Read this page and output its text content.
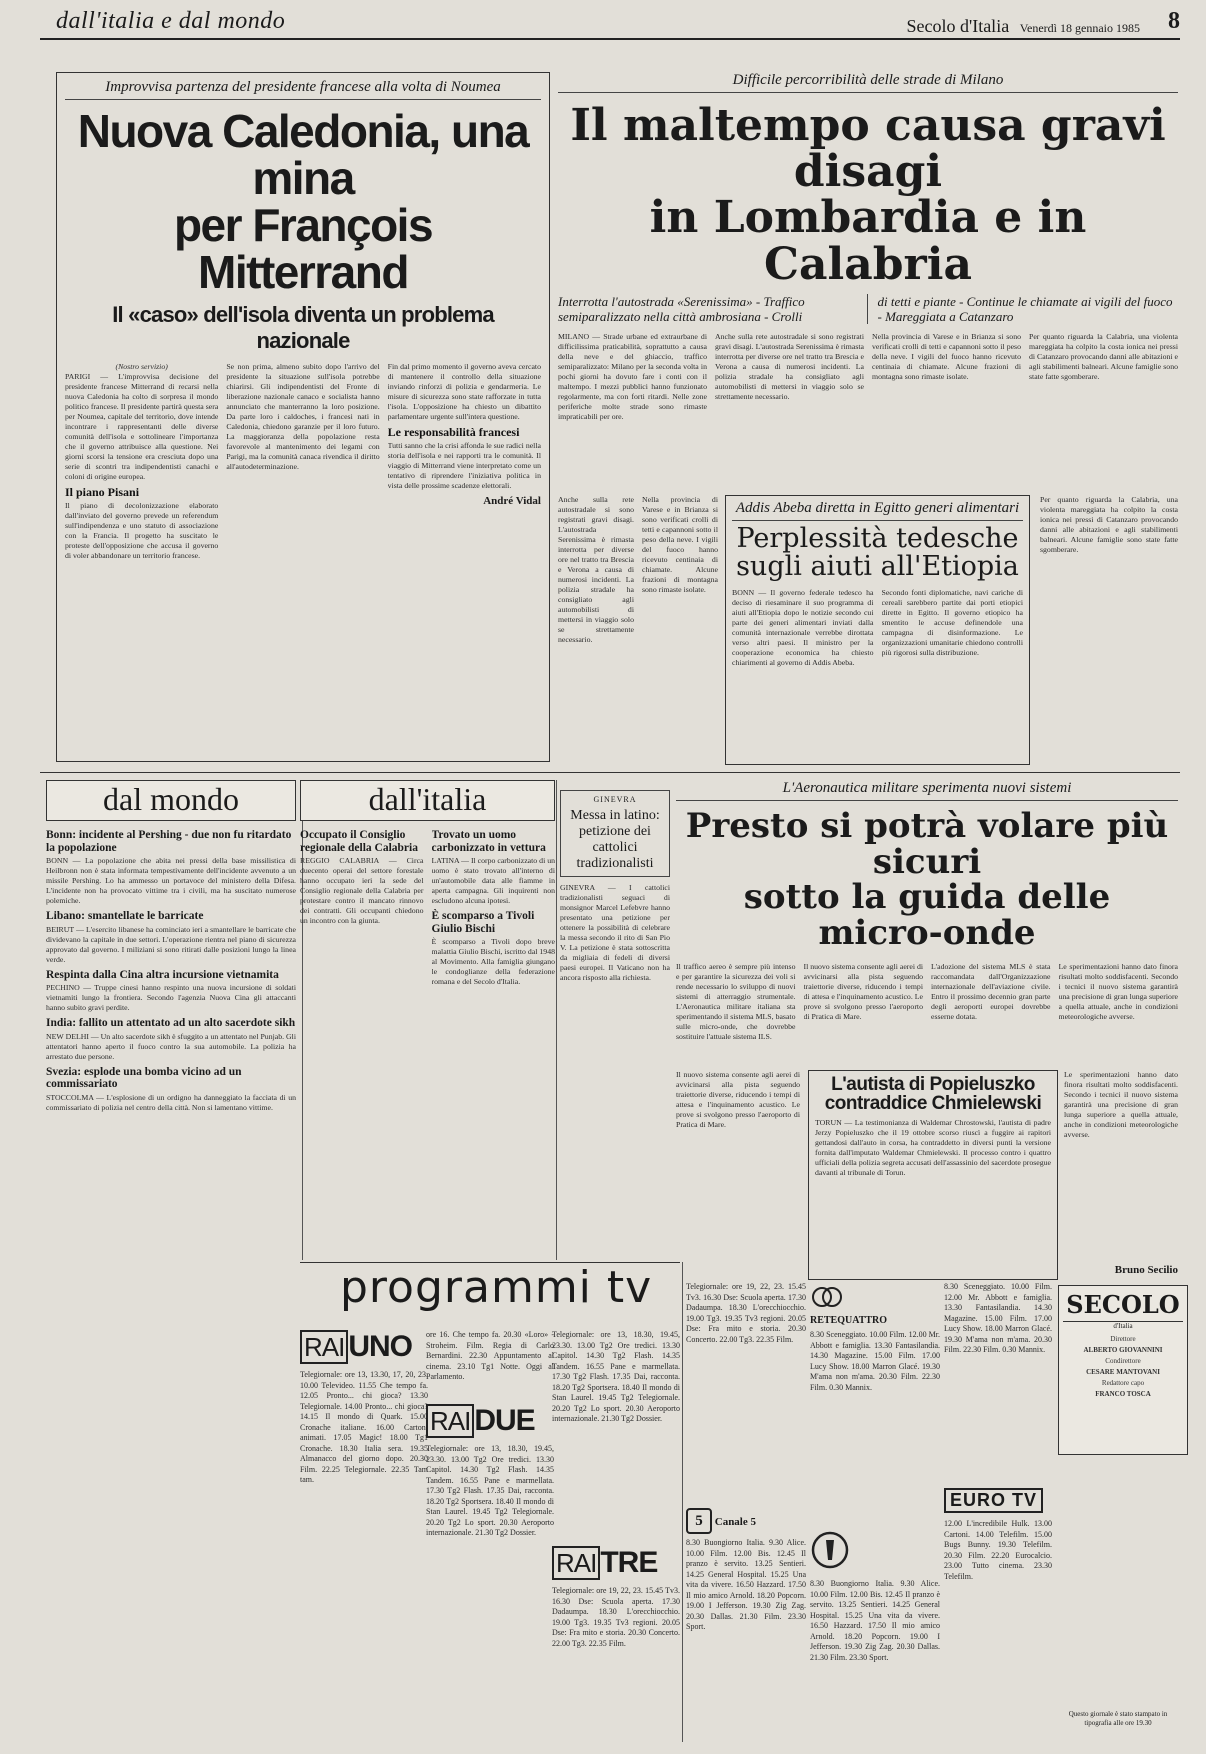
dall'italia e dal mondo	Secolo d'Italia Venerdì 18 gennaio 1985 8
Improvvisa partenza del presidente francese alla volta di Noumea
Nuova Caledonia, una mina
per François Mitterrand
Il «caso» dell'isola diventa un problema nazionale

(Nostro servizio)

PARIGI — L'improvvisa decisione del presidente francese Mitterrand di recarsi nella nuova Caledonia ha colto di sorpresa il mondo politico francese. Il presidente partirà questa sera per Noumea, capitale del territorio, dove intende incontrare i rappresentanti delle diverse comunità dell'isola e sottolineare l'importanza che il governo attribuisce alla questione. Nei giorni scorsi la tensione era cresciuta dopo una serie di scontri tra indipendentisti canachi e coloni di origine europea.

Il piano Pisani

Il piano di decolonizzazione elaborato dall'inviato del governo prevede un referendum sull'indipendenza e uno statuto di associazione con la Francia. Il progetto ha suscitato le proteste dell'opposizione che accusa il governo di voler abbandonare un territorio francese.

Se non prima, almeno subito dopo l'arrivo del presidente la situazione sull'isola potrebbe chiarirsi. Gli indipendentisti del Fronte di liberazione nazionale canaco e socialista hanno annunciato che manterranno la loro posizione. Da parte loro i caldoches, i francesi nati in Caledonia, chiedono garanzie per il loro futuro. La maggioranza della popolazione resta favorevole al mantenimento dei legami con Parigi, ma la comunità canaca rivendica il diritto all'autodeterminazione.

Fin dal primo momento il governo aveva cercato di mantenere il controllo della situazione inviando rinforzi di polizia e gendarmeria. Le misure di sicurezza sono state rafforzate in tutta l'isola. L'opposizione ha chiesto un dibattito parlamentare urgente sull'intera questione.

Le responsabilità francesi

Tutti sanno che la crisi affonda le sue radici nella storia dell'isola e nei rapporti tra le comunità. Il viaggio di Mitterrand viene interpretato come un tentativo di riprendere l'iniziativa politica in vista delle prossime scadenze elettorali.

André Vidal
Difficile percorribilità delle strade di Milano
Il maltempo causa gravi disagi
in Lombardia e in Calabria
Interrotta l'autostrada «Serenissima» - Traffico semiparalizzato nella città ambrosiana - Crolli
di tetti e piante - Continue le chiamate ai vigili del fuoco - Mareggiata a Catanzaro

MILANO — Strade urbane ed extraurbane di difficilissima praticabilità, soprattutto a causa della neve e del ghiaccio, traffico semiparalizzato: Milano per la seconda volta in pochi giorni ha dovuto fare i conti con il maltempo. I mezzi pubblici hanno funzionato regolarmente, ma con forti ritardi. Nelle zone periferiche molte strade sono rimaste impraticabili per ore.

Anche sulla rete autostradale si sono registrati gravi disagi. L'autostrada Serenissima è rimasta interrotta per diverse ore nel tratto tra Brescia e Verona a causa di numerosi incidenti. La polizia stradale ha consigliato agli automobilisti di mettersi in viaggio solo se strettamente necessario.

Nella provincia di Varese e in Brianza si sono verificati crolli di tetti e capannoni sotto il peso della neve. I vigili del fuoco hanno ricevuto centinaia di chiamate. Alcune frazioni di montagna sono rimaste isolate.

Per quanto riguarda la Calabria, una violenta mareggiata ha colpito la costa ionica nei pressi di Catanzaro provocando danni alle abitazioni e agli stabilimenti balneari. Alcune famiglie sono state fatte sgomberare.

Per quanto riguarda la Calabria, una violenta mareggiata ha colpito la costa ionica nei pressi di Catanzaro provocando danni alle abitazioni e agli stabilimenti balneari. Alcune famiglie sono state fatte sgomberare.

Addis Abeba diretta in Egitto generi alimentari
Perplessità tedesche
sugli aiuti all'Etiopia

BONN — Il governo federale tedesco ha deciso di riesaminare il suo programma di aiuti all'Etiopia dopo le notizie secondo cui parte dei generi alimentari inviati dalla comunità internazionale verrebbe dirottata verso altri paesi. Il ministro per la cooperazione economica ha chiesto chiarimenti al governo di Addis Abeba.

Secondo fonti diplomatiche, navi cariche di cereali sarebbero partite dai porti etiopici dirette in Egitto. Il governo etiopico ha smentito le accuse definendole una campagna di disinformazione. Le organizzazioni umanitarie chiedono controlli più rigorosi sulla distribuzione.

Anche sulla rete autostradale si sono registrati gravi disagi. L'autostrada Serenissima è rimasta interrotta per diverse ore nel tratto tra Brescia e Verona a causa di numerosi incidenti. La polizia stradale ha consigliato agli automobilisti di mettersi in viaggio solo se strettamente necessario.

Nella provincia di Varese e in Brianza si sono verificati crolli di tetti e capannoni sotto il peso della neve. I vigili del fuoco hanno ricevuto centinaia di chiamate. Alcune frazioni di montagna sono rimaste isolate.

dal mondo
Bonn: incidente al Pershing - due non fu ritardato la popolazione

BONN — La popolazione che abita nei pressi della base missilistica di Heilbronn non è stata informata tempestivamente dell'incidente avvenuto a un missile Pershing. Lo ha ammesso un portavoce del ministero della Difesa. L'incidente non ha provocato vittime tra i civili, ma ha suscitato numerose polemiche.

Libano: smantellate le barricate

BEIRUT — L'esercito libanese ha cominciato ieri a smantellare le barricate che dividevano la capitale in due settori. L'operazione rientra nel piano di sicurezza approvato dal governo. I miliziani si sono ritirati dalle posizioni lungo la linea verde.

Respinta dalla Cina altra incursione vietnamita

PECHINO — Truppe cinesi hanno respinto una nuova incursione di soldati vietnamiti lungo la frontiera. Secondo l'agenzia Nuova Cina gli attaccanti hanno subito gravi perdite.

India: fallito un attentato ad un alto sacerdote sikh

NEW DELHI — Un alto sacerdote sikh è sfuggito a un attentato nel Punjab. Gli attentatori hanno aperto il fuoco contro la sua automobile. La polizia ha arrestato due persone.

Svezia: esplode una bomba vicino ad un commissariato

STOCCOLMA — L'esplosione di un ordigno ha danneggiato la facciata di un commissariato di polizia nel centro della città. Non si lamentano vittime.

dall'italia
Occupato il Consiglio regionale della Calabria

REGGIO CALABRIA — Circa duecento operai del settore forestale hanno occupato ieri la sede del Consiglio regionale della Calabria per protestare contro il mancato rinnovo dei contratti. Gli occupanti chiedono un incontro con la giunta.

Trovato un uomo carbonizzato in vettura

LATINA — Il corpo carbonizzato di un uomo è stato trovato all'interno di un'automobile data alle fiamme in aperta campagna. Gli inquirenti non escludono alcuna ipotesi.

È scomparso a Tivoli Giulio Bischi

È scomparso a Tivoli dopo breve malattia Giulio Bischi, iscritto dal 1948 al Movimento. Alla famiglia giungano le condoglianze della federazione romana e del Secolo d'Italia.

GINEVRA
Messa in latino: petizione dei cattolici tradizionalisti

GINEVRA — I cattolici tradizionalisti seguaci di monsignor Marcel Lefebvre hanno presentato una petizione per ottenere la possibilità di celebrare la messa secondo il rito di San Pio V. La petizione è stata sottoscritta da migliaia di fedeli di diversi paesi europei. Il Vaticano non ha ancora risposto alla richiesta.

L'Aeronautica militare sperimenta nuovi sistemi
Presto si potrà volare più sicuri
sotto la guida delle micro-onde

Il traffico aereo è sempre più intenso e per garantire la sicurezza dei voli si rende necessario lo sviluppo di nuovi sistemi di atterraggio strumentale. L'Aeronautica militare italiana sta sperimentando il sistema MLS, basato sulle micro-onde, che dovrebbe sostituire l'attuale sistema ILS.

Il nuovo sistema consente agli aerei di avvicinarsi alla pista seguendo traiettorie diverse, riducendo i tempi di attesa e l'inquinamento acustico. Le prove si svolgono presso l'aeroporto di Pratica di Mare.

L'adozione del sistema MLS è stata raccomandata dall'Organizzazione internazionale dell'aviazione civile. Entro il prossimo decennio gran parte degli aeroporti europei dovrebbe esserne dotata.

Le sperimentazioni hanno dato finora risultati molto soddisfacenti. Secondo i tecnici il nuovo sistema garantirà una precisione di gran lunga superiore a quella attuale, anche in condizioni meteorologiche avverse.

L'autista di Popieluszko
contraddice Chmielewski

TORUN — La testimonianza di Waldemar Chrostowski, l'autista di padre Jerzy Popieluszko che il 19 ottobre scorso riuscì a fuggire ai rapitori gettandosi dall'auto in corsa, ha contraddetto in diversi punti la versione fornita dall'imputato Waldemar Chmielewski. Il processo contro i quattro ufficiali della polizia segreta accusati dell'assassinio del sacerdote prosegue davanti al tribunale di Torun.

Il nuovo sistema consente agli aerei di avvicinarsi alla pista seguendo traiettorie diverse, riducendo i tempi di attesa e l'inquinamento acustico. Le prove si svolgono presso l'aeroporto di Pratica di Mare.

Le sperimentazioni hanno dato finora risultati molto soddisfacenti. Secondo i tecnici il nuovo sistema garantirà una precisione di gran lunga superiore a quella attuale, anche in condizioni meteorologiche avverse.

Bruno Secilio
programmi tv
RAI UNO

Telegiornale: ore 13, 13.30, 17, 20, 23. 10.00 Televideo. 11.55 Che tempo fa. 12.05 Pronto... chi gioca? 13.30 Telegiornale. 14.00 Pronto... chi gioca? 14.15 Il mondo di Quark. 15.00 Cronache italiane. 16.00 Cartoni animati. 17.05 Magic! 18.00 Tg1 Cronache. 18.30 Italia sera. 19.35 Almanacco del giorno dopo. 20.30 Film. 22.25 Telegiornale. 22.35 Tam tam.

ore 16. Che tempo fa. 20.30 «Loro» - Stroheim. Film. Regia di Carlo Bernardini. 22.30 Appuntamento al cinema. 23.10 Tg1 Notte. Oggi al Parlamento.

RAI DUE

Telegiornale: ore 13, 18.30, 19.45, 23.30. 13.00 Tg2 Ore tredici. 13.30 Capitol. 14.30 Tg2 Flash. 14.35 Tandem. 16.55 Pane e marmellata. 17.30 Tg2 Flash. 17.35 Dai, racconta. 18.20 Tg2 Sportsera. 18.40 Il mondo di Stan Laurel. 19.45 Tg2 Telegiornale. 20.20 Tg2 Lo sport. 20.30 Aeroporto internazionale. 21.30 Tg2 Dossier.

Telegiornale: ore 13, 18.30, 19.45, 23.30. 13.00 Tg2 Ore tredici. 13.30 Capitol. 14.30 Tg2 Flash. 14.35 Tandem. 16.55 Pane e marmellata. 17.30 Tg2 Flash. 17.35 Dai, racconta. 18.20 Tg2 Sportsera. 18.40 Il mondo di Stan Laurel. 19.45 Tg2 Telegiornale. 20.20 Tg2 Lo sport. 20.30 Aeroporto internazionale. 21.30 Tg2 Dossier.

RAI TRE

Telegiornale: ore 19, 22, 23. 15.45 Tv3. 16.30 Dse: Scuola aperta. 17.30 Dadaumpa. 18.30 L'orecchiocchio. 19.00 Tg3. 19.35 Tv3 regioni. 20.05 Dse: Fra mito e storia. 20.30 Concerto. 22.00 Tg3. 22.35 Film.

Telegiornale: ore 19, 22, 23. 15.45 Tv3. 16.30 Dse: Scuola aperta. 17.30 Dadaumpa. 18.30 L'orecchiocchio. 19.00 Tg3. 19.35 Tv3 regioni. 20.05 Dse: Fra mito e storia. 20.30 Concerto. 22.00 Tg3. 22.35 Film.

5 Canale 5

8.30 Buongiorno Italia. 9.30 Alice. 10.00 Film. 12.00 Bis. 12.45 Il pranzo è servito. 13.25 Sentieri. 14.25 General Hospital. 15.25 Una vita da vivere. 16.50 Hazzard. 17.50 Il mio amico Arnold. 18.20 Popcorn. 19.00 I Jefferson. 19.30 Zig Zag. 20.30 Dallas. 21.30 Film. 23.30 Sport.

RETEQUATTRO

8.30 Sceneggiato. 10.00 Film. 12.00 Mr. Abbott e famiglia. 13.30 Fantasilandia. 14.30 Magazine. 15.00 Film. 17.00 Lucy Show. 18.00 Marron Glacé. 19.30 M'ama non m'ama. 20.30 Film. 22.30 Film. 0.30 Mannix.

8.30 Buongiorno Italia. 9.30 Alice. 10.00 Film. 12.00 Bis. 12.45 Il pranzo è servito. 13.25 Sentieri. 14.25 General Hospital. 15.25 Una vita da vivere. 16.50 Hazzard. 17.50 Il mio amico Arnold. 18.20 Popcorn. 19.00 I Jefferson. 19.30 Zig Zag. 20.30 Dallas. 21.30 Film. 23.30 Sport.

8.30 Sceneggiato. 10.00 Film. 12.00 Mr. Abbott e famiglia. 13.30 Fantasilandia. 14.30 Magazine. 15.00 Film. 17.00 Lucy Show. 18.00 Marron Glacé. 19.30 M'ama non m'ama. 20.30 Film. 22.30 Film. 0.30 Mannix.

EURO TV

12.00 L'incredibile Hulk. 13.00 Cartoni. 14.00 Telefilm. 15.00 Bugs Bunny. 19.30 Telefilm. 20.30 Film. 22.20 Eurocalcio. 23.00 Tutto cinema. 23.30 Telefilm.

SECOLO
d'Italia
Direttore
ALBERTO GIOVANNINI
Condirettore
CESARE MANTOVANI
Redattore capo
FRANCO TOSCA
Questo giornale è stato stampato in tipografia alle ore 19.30
